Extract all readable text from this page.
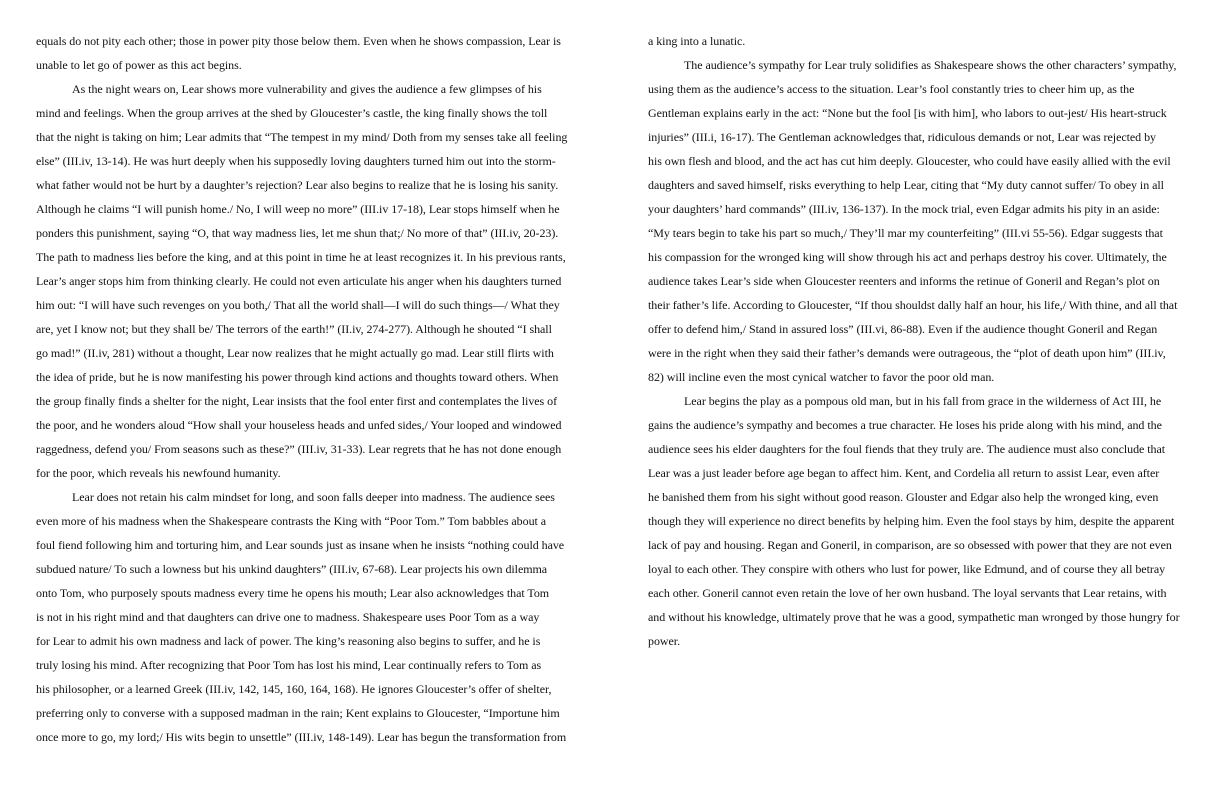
equals do not pity each other; those in power pity those below them. Even when he shows compassion, Lear is
unable to let go of power as this act begins.
As the night wears on, Lear shows more vulnerability and gives the audience a few glimpses of his
mind and feelings. When the group arrives at the shed by Gloucester’s castle, the king finally shows the toll
that the night is taking on him; Lear admits that “The tempest in my mind/ Doth from my senses take all feeling
else” (III.iv, 13-14). He was hurt deeply when his supposedly loving daughters turned him out into the storm-
what father would not be hurt by a daughter’s rejection? Lear also begins to realize that he is losing his sanity.
Although he claims “I will punish home./ No, I will weep no more” (III.iv 17-18), Lear stops himself when he
ponders this punishment, saying “O, that way madness lies, let me shun that;/ No more of that” (III.iv, 20-23).
The path to madness lies before the king, and at this point in time he at least recognizes it. In his previous rants,
Lear’s anger stops him from thinking clearly. He could not even articulate his anger when his daughters turned
him out: “I will have such revenges on you both,/ That all the world shall—I will do such things—/ What they
are, yet I know not; but they shall be/ The terrors of the earth!” (II.iv, 274-277). Although he shouted “I shall
go mad!” (II.iv, 281) without a thought, Lear now realizes that he might actually go mad. Lear still flirts with
the idea of pride, but he is now manifesting his power through kind actions and thoughts toward others. When
the group finally finds a shelter for the night, Lear insists that the fool enter first and contemplates the lives of
the poor, and he wonders aloud “How shall your houseless heads and unfed sides,/ Your looped and windowed
raggedness, defend you/ From seasons such as these?” (III.iv, 31-33). Lear regrets that he has not done enough
for the poor, which reveals his newfound humanity.
Lear does not retain his calm mindset for long, and soon falls deeper into madness. The audience sees
even more of his madness when the Shakespeare contrasts the King with “Poor Tom.” Tom babbles about a
foul fiend following him and torturing him, and Lear sounds just as insane when he insists “nothing could have
subdued nature/ To such a lowness but his unkind daughters” (III.iv, 67-68). Lear projects his own dilemma
onto Tom, who purposely spouts madness every time he opens his mouth; Lear also acknowledges that Tom
is not in his right mind and that daughters can drive one to madness. Shakespeare uses Poor Tom as a way
for Lear to admit his own madness and lack of power. The king’s reasoning also begins to suffer, and he is
truly losing his mind. After recognizing that Poor Tom has lost his mind, Lear continually refers to Tom as
his philosopher, or a learned Greek (III.iv, 142, 145, 160, 164, 168). He ignores Gloucester’s offer of shelter,
preferring only to converse with a supposed madman in the rain; Kent explains to Gloucester, “Importune him
once more to go, my lord;/ His wits begin to unsettle” (III.iv, 148-149). Lear has begun the transformation from
a king into a lunatic.
The audience’s sympathy for Lear truly solidifies as Shakespeare shows the other characters’ sympathy,
using them as the audience’s access to the situation. Lear’s fool constantly tries to cheer him up, as the
Gentleman explains early in the act: “None but the fool [is with him], who labors to out-jest/ His heart-struck
injuries” (III.i, 16-17). The Gentleman acknowledges that, ridiculous demands or not, Lear was rejected by
his own flesh and blood, and the act has cut him deeply. Gloucester, who could have easily allied with the evil
daughters and saved himself, risks everything to help Lear, citing that “My duty cannot suffer/ To obey in all
your daughters’ hard commands” (III.iv, 136-137). In the mock trial, even Edgar admits his pity in an aside:
“My tears begin to take his part so much,/ They’ll mar my counterfeiting” (III.vi 55-56). Edgar suggests that
his compassion for the wronged king will show through his act and perhaps destroy his cover. Ultimately, the
audience takes Lear’s side when Gloucester reenters and informs the retinue of Goneril and Regan’s plot on
their father’s life. According to Gloucester, “If thou shouldst dally half an hour, his life,/ With thine, and all that
offer to defend him,/ Stand in assured loss” (III.vi, 86-88). Even if the audience thought Goneril and Regan
were in the right when they said their father’s demands were outrageous, the “plot of death upon him” (III.iv,
82) will incline even the most cynical watcher to favor the poor old man.
Lear begins the play as a pompous old man, but in his fall from grace in the wilderness of Act III, he
gains the audience’s sympathy and becomes a true character. He loses his pride along with his mind, and the
audience sees his elder daughters for the foul fiends that they truly are. The audience must also conclude that
Lear was a just leader before age began to affect him. Kent, and Cordelia all return to assist Lear, even after
he banished them from his sight without good reason. Glouster and Edgar also help the wronged king, even
though they will experience no direct benefits by helping him. Even the fool stays by him, despite the apparent
lack of pay and housing. Regan and Goneril, in comparison, are so obsessed with power that they are not even
loyal to each other. They conspire with others who lust for power, like Edmund, and of course they all betray
each other. Goneril cannot even retain the love of her own husband. The loyal servants that Lear retains, with
and without his knowledge, ultimately prove that he was a good, sympathetic man wronged by those hungry for
power.
